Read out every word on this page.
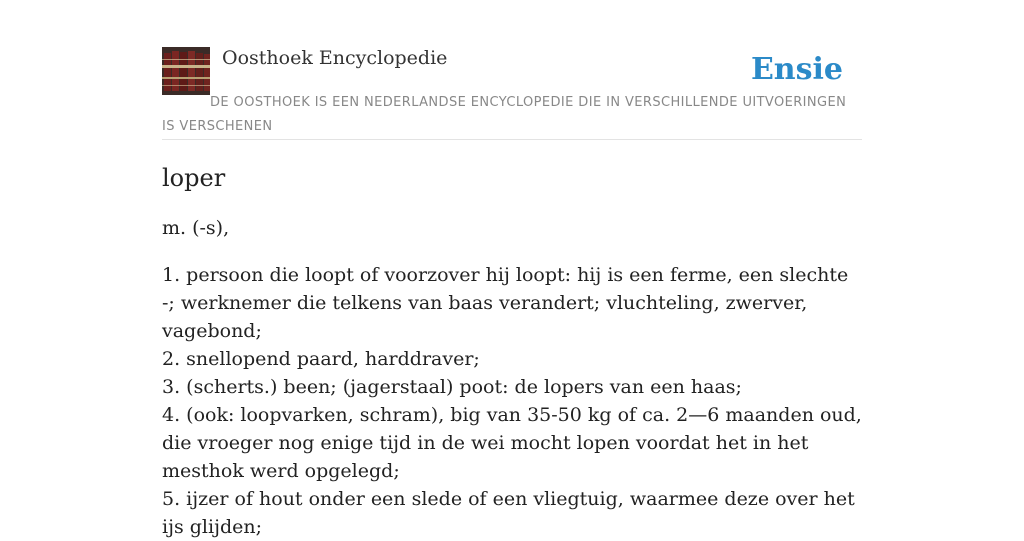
Oosthoek Encyclopedie	Ensie
DE OOSTHOEK IS EEN NEDERLANDSE ENCYCLOPEDIE DIE IN VERSCHILLENDE UITVOERINGEN IS VERSCHENEN
loper

m. (-s),

1. persoon die loopt of voorzover hij loopt: hij is een ferme, een slechte -; werknemer die telkens van baas verandert; vluchteling, zwerver, vagebond;
2. snellopend paard, harddraver;
3. (scherts.) been; (jagerstaal) poot: de lopers van een haas;
4. (ook: loopvarken, schram), big van 35-50 kg of ca. 2—6 maanden oud, die vroeger nog enige tijd in de wei mocht lopen voordat het in het mesthok werd opgelegd;
5. ijzer of hout onder een slede of een vliegtuig, waarmee deze over het ijs glijden;
